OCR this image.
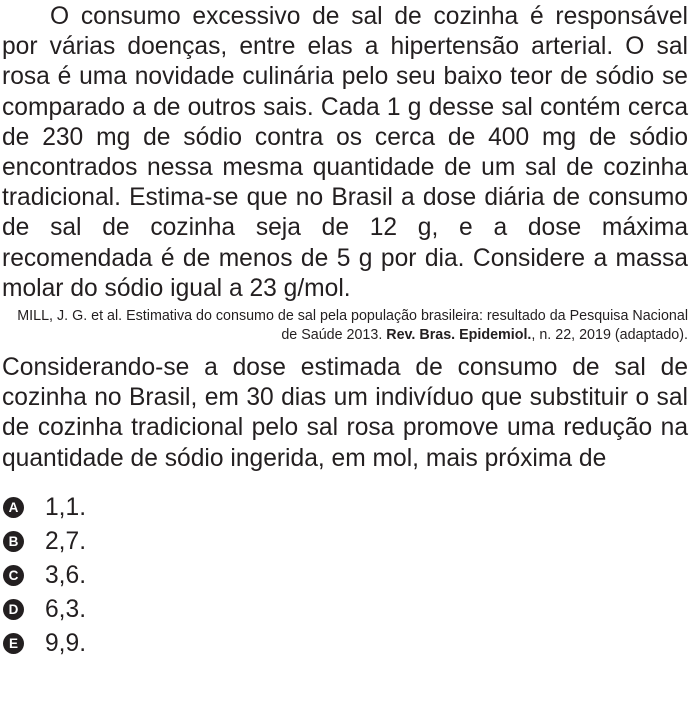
O consumo excessivo de sal de cozinha é responsável por várias doenças, entre elas a hipertensão arterial. O sal rosa é uma novidade culinária pelo seu baixo teor de sódio se comparado a de outros sais. Cada 1 g desse sal contém cerca de 230 mg de sódio contra os cerca de 400 mg de sódio encontrados nessa mesma quantidade de um sal de cozinha tradicional. Estima-se que no Brasil a dose diária de consumo de sal de cozinha seja de 12 g, e a dose máxima recomendada é de menos de 5 g por dia. Considere a massa molar do sódio igual a 23 g/mol.

MILL, J. G. et al. Estimativa do consumo de sal pela população brasileira: resultado da Pesquisa Nacional de Saúde 2013. Rev. Bras. Epidemiol., n. 22, 2019 (adaptado).

Considerando-se a dose estimada de consumo de sal de cozinha no Brasil, em 30 dias um indivíduo que substituir o sal de cozinha tradicional pelo sal rosa promove uma redução na quantidade de sódio ingerida, em mol, mais próxima de

A 1,1.
B 2,7.
C 3,6.
D 6,3.
E 9,9.
